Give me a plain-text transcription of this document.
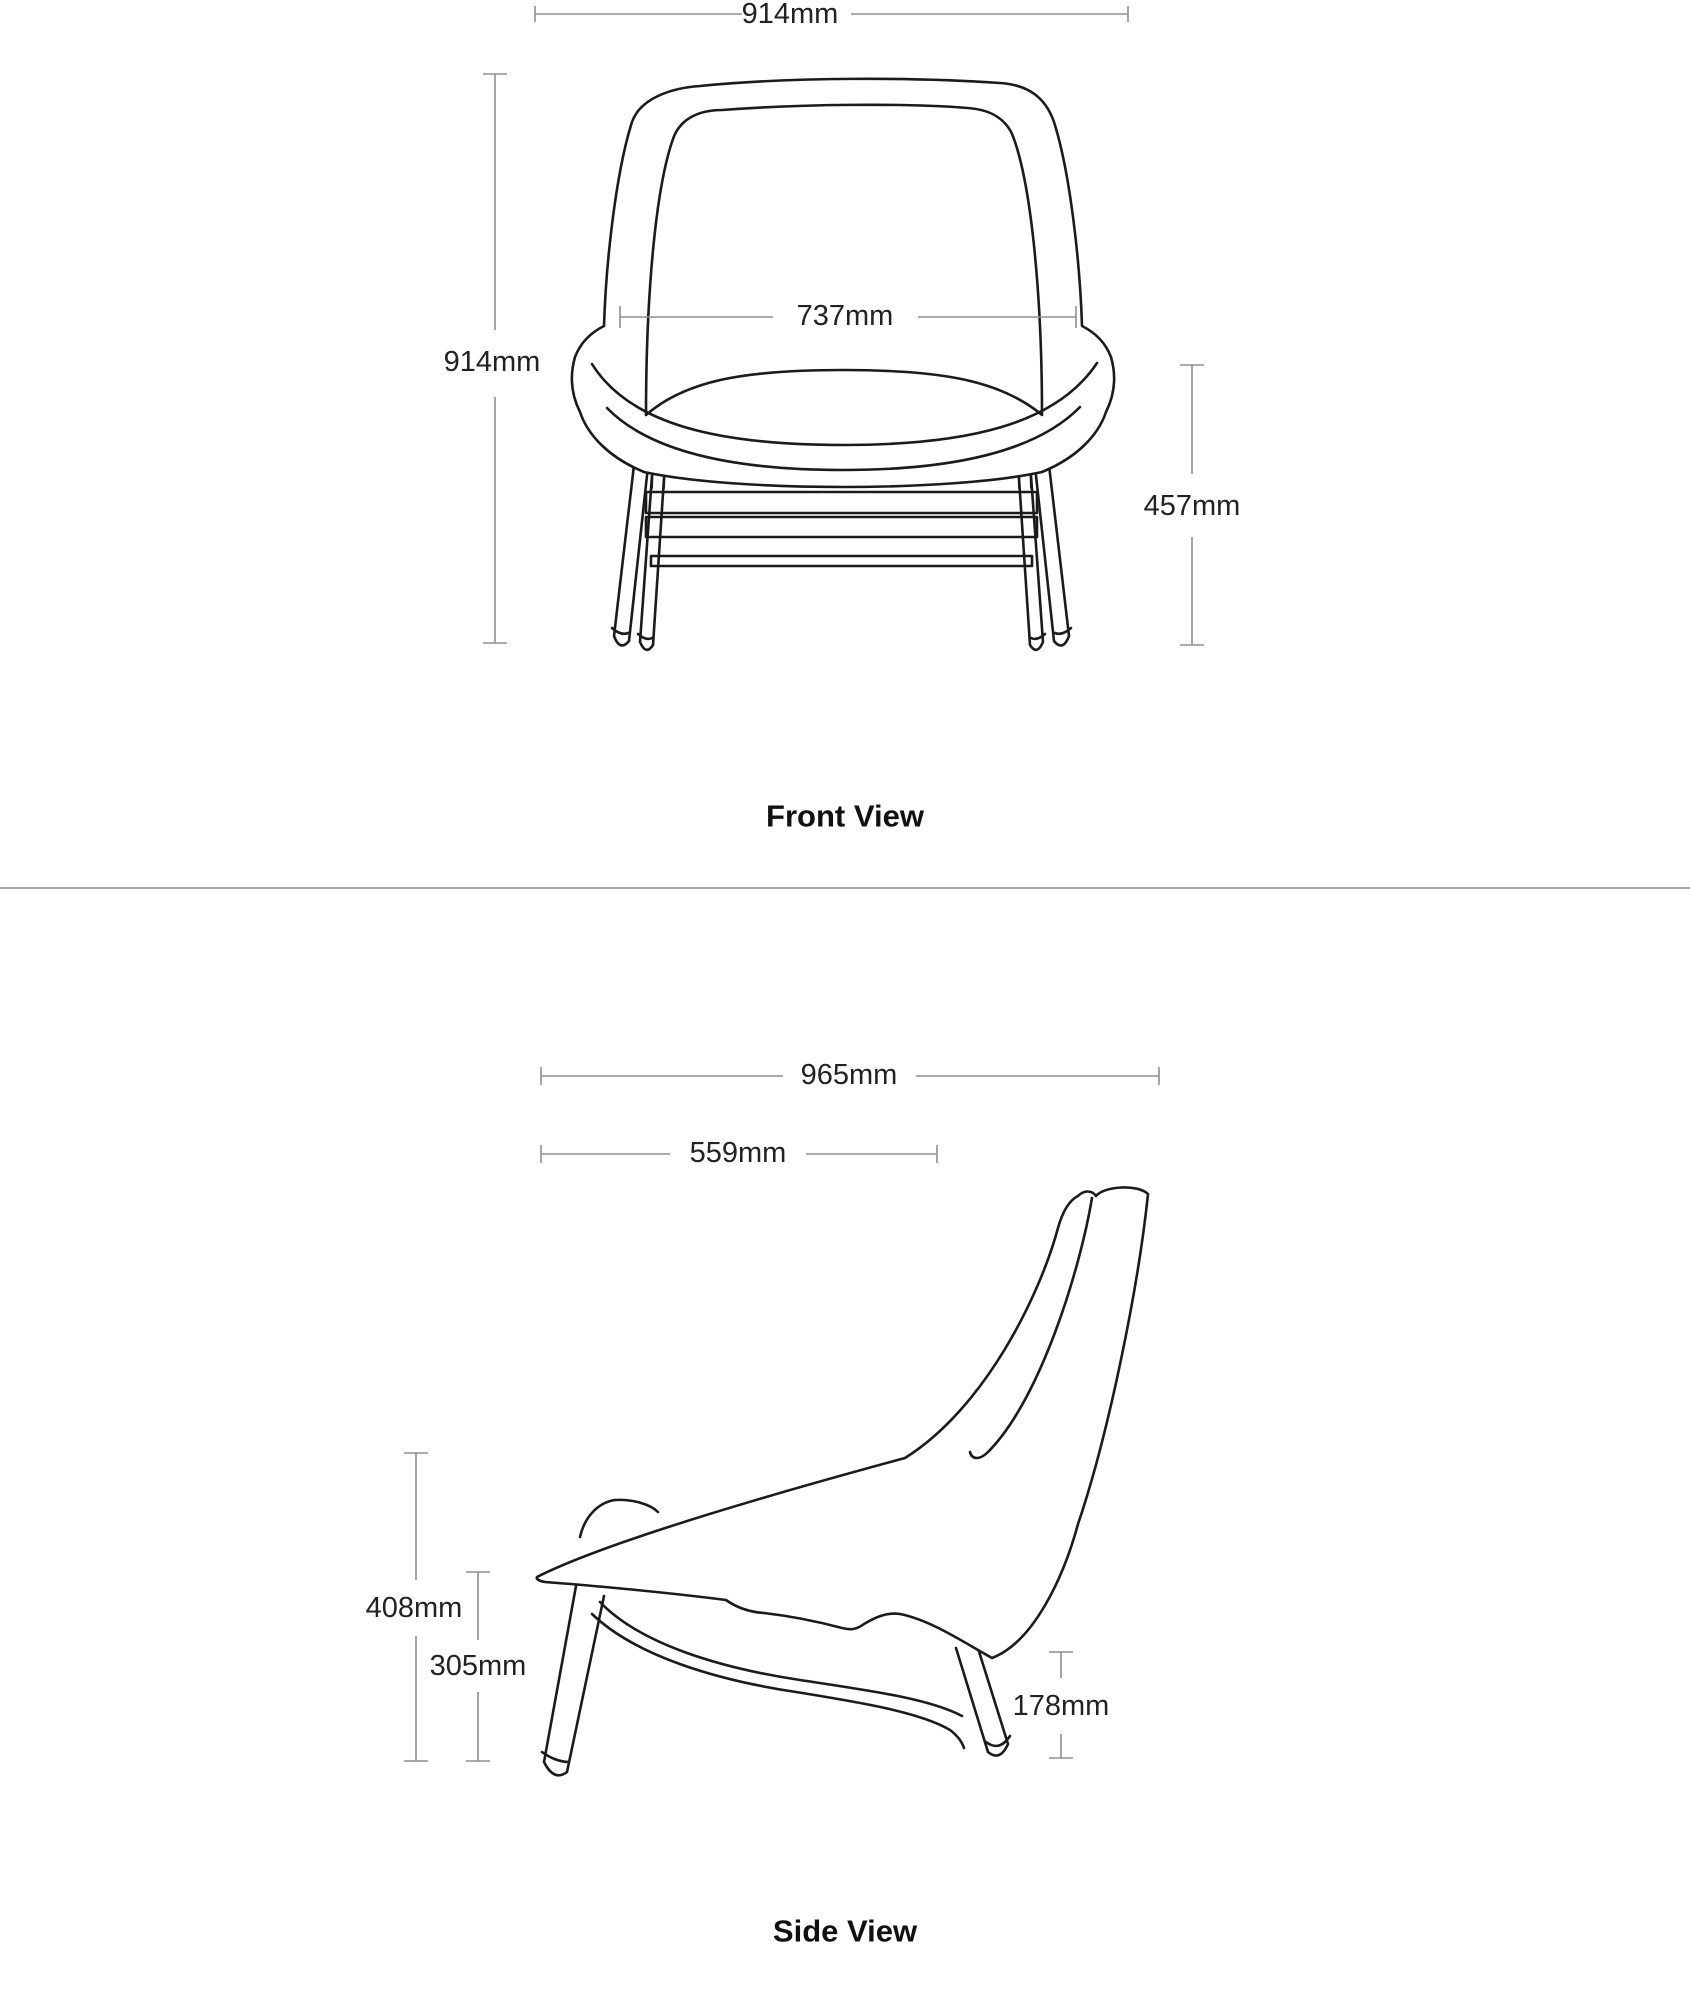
914mm
914mm
737mm
457mm
Front View
965mm
559mm
408mm
305mm
178mm
Side View
